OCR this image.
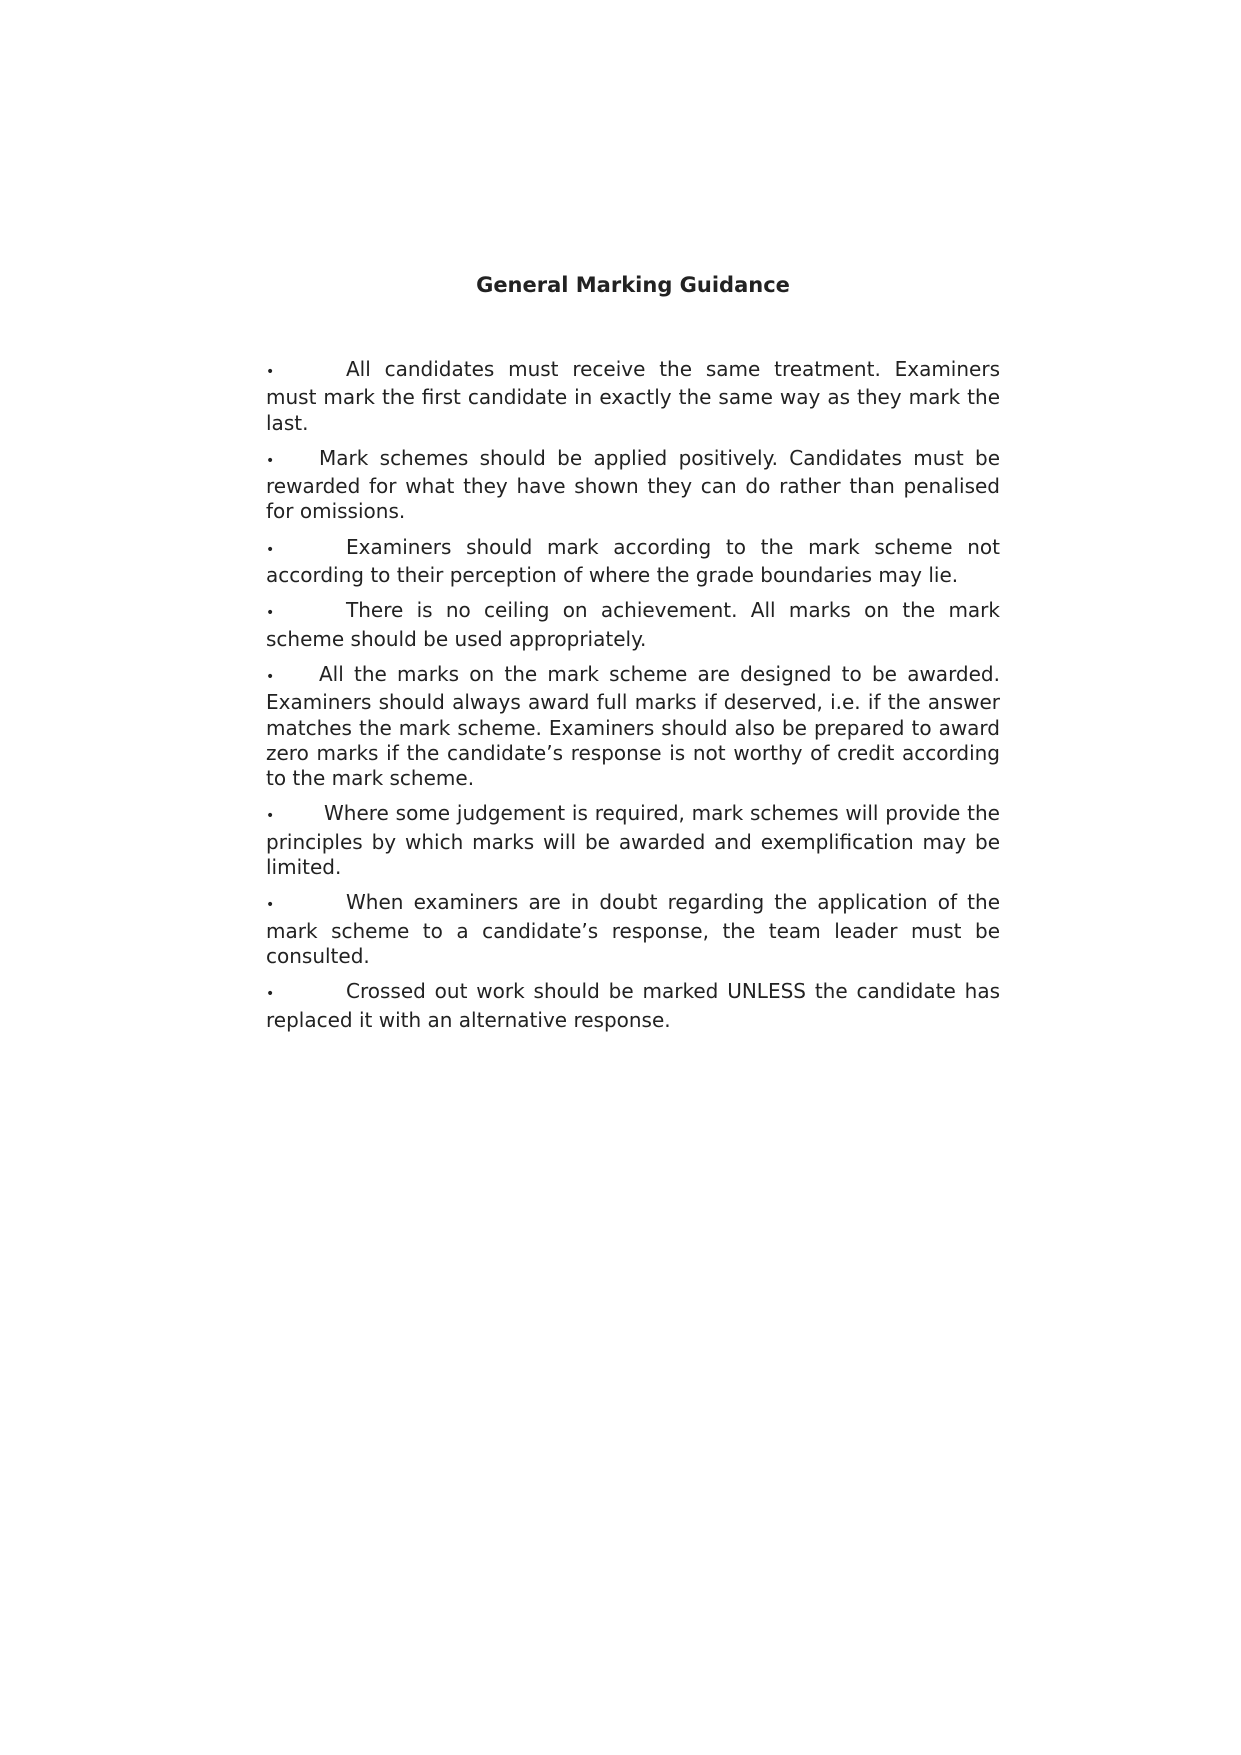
General Marking Guidance
•	All candidates must receive the same treatment. Examiners must mark the first candidate in exactly the same way as they mark the last.
• Mark schemes should be applied positively. Candidates must be rewarded for what they have shown they can do rather than penalised for omissions.
•	Examiners should mark according to the mark scheme not according to their perception of where the grade boundaries may lie.
•	There is no ceiling on achievement. All marks on the mark scheme should be used appropriately.
• All the marks on the mark scheme are designed to be awarded. Examiners should always award full marks if deserved, i.e. if the answer matches the mark scheme. Examiners should also be prepared to award zero marks if the candidate’s response is not worthy of credit according to the mark scheme.
• Where some judgement is required, mark schemes will provide the principles by which marks will be awarded and exemplification may be limited.
•	When examiners are in doubt regarding the application of the mark scheme to a candidate’s response, the team leader must be consulted.
•	Crossed out work should be marked UNLESS the candidate has replaced it with an alternative response.
